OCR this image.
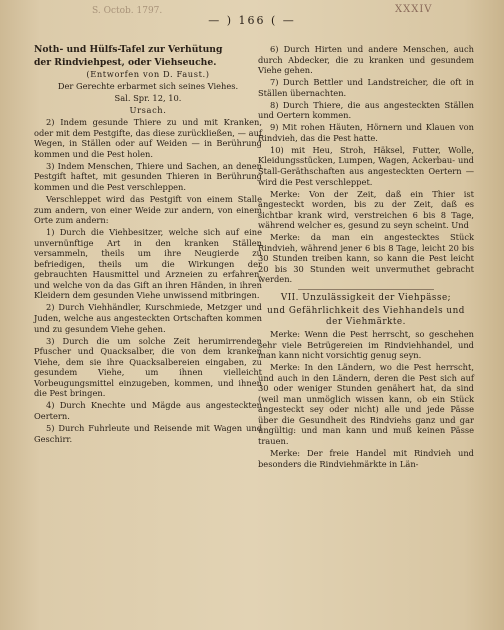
S. Octob. 1797.
— ) 166 ( —
XXXIV

Noth- und Hülfs-Tafel zur Verhütung

der Rindviehpest, oder Viehseuche.

(Entworfen von D. Faust.)

Der Gerechte erbarmet sich seines Viehes.

Sal. Spr. 12, 10.

Ursach.

2) Indem gesunde Thiere zu und mit Kranken, oder mit dem Pestgifte, das diese zurückließen, — auf Wegen, in Ställen oder auf Weiden — in Berührung kommen und die Pest holen.

3) Indem Menschen, Thiere und Sachen, an denen Pestgift haftet, mit gesunden Thieren in Berührung kommen und die Pest verschleppen.

Verschleppet wird das Pestgift von einem Stalle zum andern, von einer Weide zur andern, von einem Orte zum andern:

1) Durch die Viehbesitzer, welche sich auf eine unvernünftige Art in den kranken Ställen versammeln, theils um ihre Neugierde zu befriedigen, theils um die Wirkungen der gebrauchten Hausmittel und Arzneien zu erfahren, und welche von da das Gift an ihren Händen, in ihren Kleidern dem gesunden Viehe unwissend mitbringen.

2) Durch Viehhändler, Kurschmiede, Metzger und Juden, welche aus angesteckten Ortschaften kommen und zu gesundem Viehe gehen.

3) Durch die um solche Zeit herumirrenden Pfuscher und Quacksalber, die von dem kranken Viehe, dem sie ihre Quacksalbereien eingaben, zu gesundem Viehe, um ihnen vielleicht Vorbeugungsmittel einzugeben, kommen, und ihnen die Pest bringen.

4) Durch Knechte und Mägde aus angesteckten Oertern.

5) Durch Fuhrleute und Reisende mit Wagen und Geschirr.

6) Durch Hirten und andere Menschen, auch durch Abdecker, die zu kranken und gesundem Viehe gehen.

7) Durch Bettler und Landstreicher, die oft in Ställen übernachten.

8) Durch Thiere, die aus angesteckten Ställen und Oertern kommen.

9) Mit rohen Häuten, Hörnern und Klauen von Rindvieh, das die Pest hatte.

10) mit Heu, Stroh, Häksel, Futter, Wolle, Kleidungsstücken, Lumpen, Wagen, Ackerbau- und Stall-Geräthschaften aus angesteckten Oertern — wird die Pest verschleppet.

Merke: Von der Zeit, daß ein Thier ist angesteckt worden, bis zu der Zeit, daß es sichtbar krank wird, verstreichen 6 bis 8 Tage, während welcher es, gesund zu seyn scheint. Und

Merke: da man ein angestecktes Stück Rindvieh, während jener 6 bis 8 Tage, leicht 20 bis 30 Stunden treiben kann, so kann die Pest leicht 20 bis 30 Stunden weit unvermuthet gebracht werden.

VII. Unzulässigkeit der Viehpässe;

und Gefährlichkeit des Viehhandels und der Viehmärkte.

Merke: Wenn die Pest herrscht, so geschehen sehr viele Betrügereien im Rindviehhandel, und man kann nicht vorsichtig genug seyn.

Merke: In den Ländern, wo die Pest herrscht, und auch in den Ländern, deren die Pest sich auf 30 oder weniger Stunden genähert hat, da sind (weil man unmöglich wissen kann, ob ein Stück angesteckt sey oder nicht) alle und jede Pässe über die Gesundheit des Rindviehs ganz und gar ungültig: und man kann und muß keinen Pässe trauen.

Merke: Der freie Handel mit Rindvieh und besonders die Rindviehmärkte in Län-
